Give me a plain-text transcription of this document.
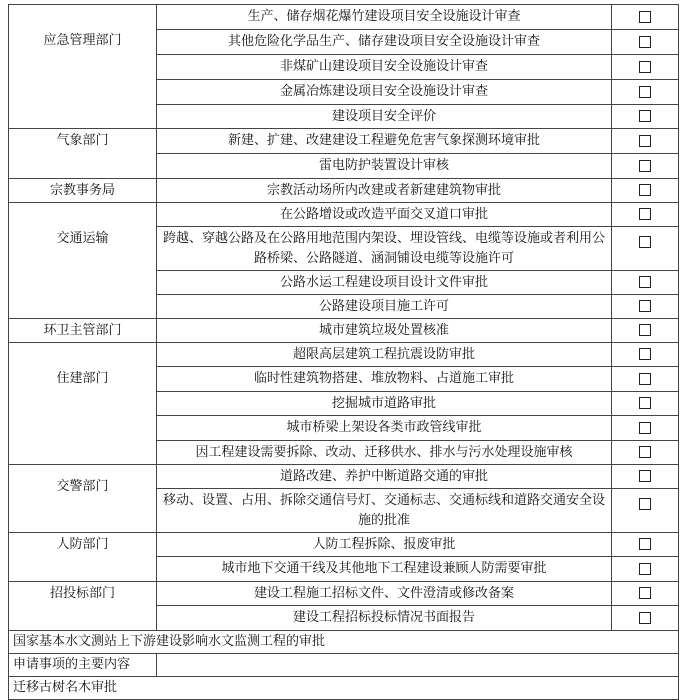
应急管理部门	生产、储存烟花爆竹建设项目安全设施设计审查	
	其他危险化学品生产、储存建设项目安全设施设计审查	
	非煤矿山建设项目安全设施设计审查	
	金属冶炼建设项目安全设施设计审查	
	建设项目安全评价	
气象部门	新建、扩建、改建建设工程避免危害气象探测环境审批	
	雷电防护装置设计审核	
宗教事务局	宗教活动场所内改建或者新建建筑物审批	
交通运输	在公路增设或改造平面交叉道口审批	
	跨越、穿越公路及在公路用地范围内架设、埋设管线、电缆等设施或者利用公路桥梁、公路隧道、涵洞铺设电缆等设施许可	
	公路水运工程建设项目设计文件审批	
	公路建设项目施工许可	
环卫主管部门	城市建筑垃圾处置核准	
住建部门	超限高层建筑工程抗震设防审批	
	临时性建筑物搭建、堆放物料、占道施工审批	
	挖掘城市道路审批	
	城市桥梁上架设各类市政管线审批	
	因工程建设需要拆除、改动、迁移供水、排水与污水处理设施审核	
交警部门	道路改建、养护中断道路交通的审批	
	移动、设置、占用、拆除交通信号灯、交通标志、交通标线和道路交通安全设施的批准	
人防部门	人防工程拆除、报废审批	
	城市地下交通干线及其他地下工程建设兼顾人防需要审批	
招投标部门	建设工程施工招标文件、文件澄清或修改备案	
	建设工程招标投标情况书面报告	
国家基本水文测站上下游建设影响水文监测工程的审批		
申请事项的主要内容		
迁移古树名木审批		
